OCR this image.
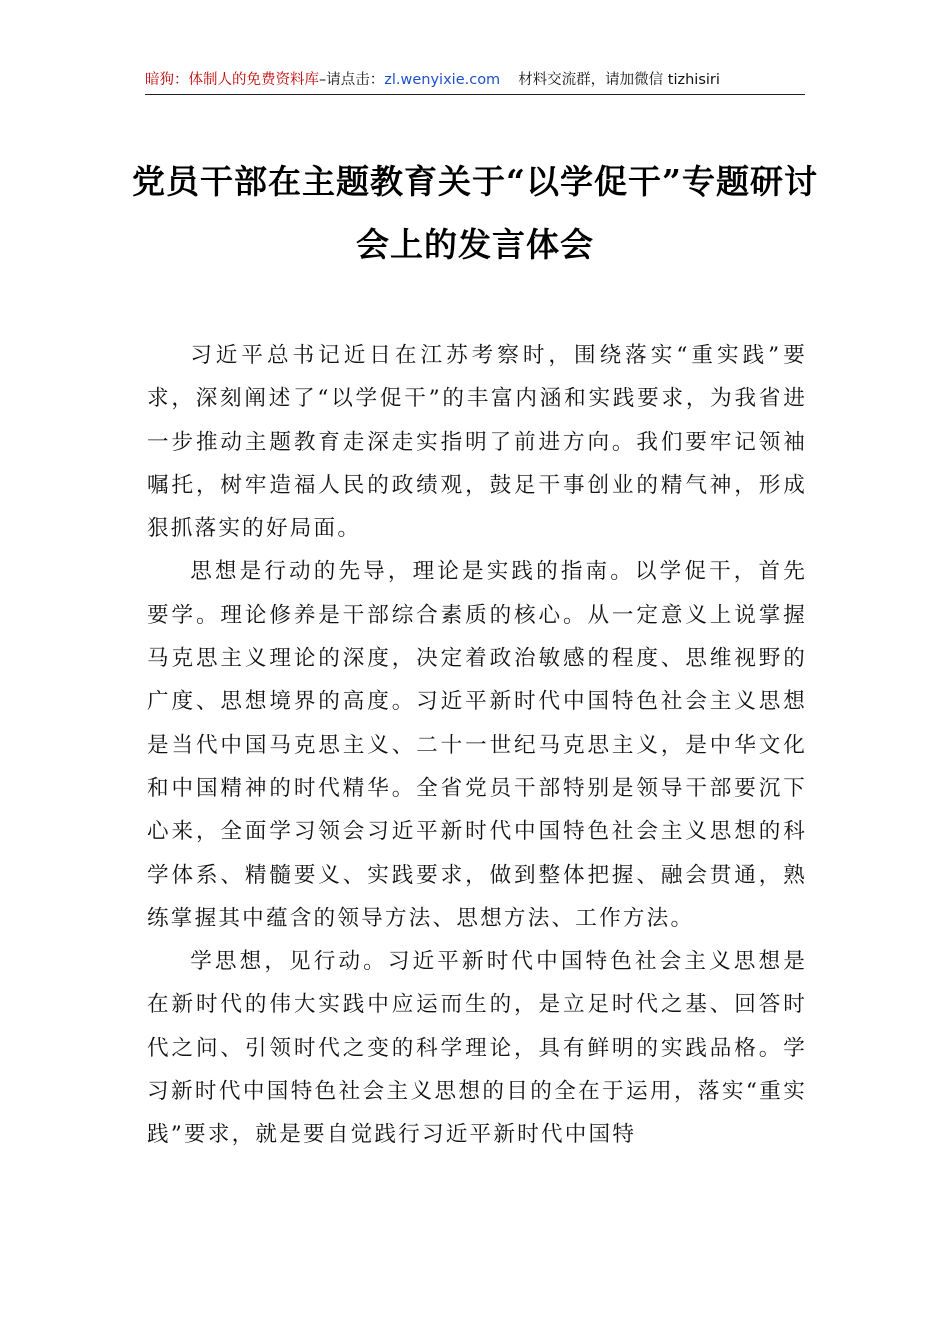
暗狗：体制人的免费资料库 –请点击： zl.wenyixie.com 材料交流群，请加微信 tizhisiri
党员干部在主题教育关于“以学促干”专题研讨会上的发言体会

习近平总书记近日在江苏考察时，围绕落实“重实践”要求，深刻阐述了“以学促干”的丰富内涵和实践要求，为我省进一步推动主题教育走深走实指明了前进方向。我们要牢记领袖嘱托，树牢造福人民的政绩观，鼓足干事创业的精气神，形成狠抓落实的好局面。

思想是行动的先导，理论是实践的指南。以学促干，首先要学。理论修养是干部综合素质的核心。从一定意义上说掌握马克思主义理论的深度，决定着政治敏感的程度、思维视野的广度、思想境界的高度。习近平新时代中国特色社会主义思想是当代中国马克思主义、二十一世纪马克思主义，是中华文化和中国精神的时代精华。全省党员干部特别是领导干部要沉下心来，全面学习领会习近平新时代中国特色社会主义思想的科学体系、精髓要义、实践要求，做到整体把握、融会贯通，熟练掌握其中蕴含的领导方法、思想方法、工作方法。

学思想，见行动。习近平新时代中国特色社会主义思想是在新时代的伟大实践中应运而生的，是立足时代之基、回答时代之问、引领时代之变的科学理论，具有鲜明的实践品格。学习新时代中国特色社会主义思想的目的全在于运用，落实“重实践”要求，就是要自觉践行习近平新时代中国特
